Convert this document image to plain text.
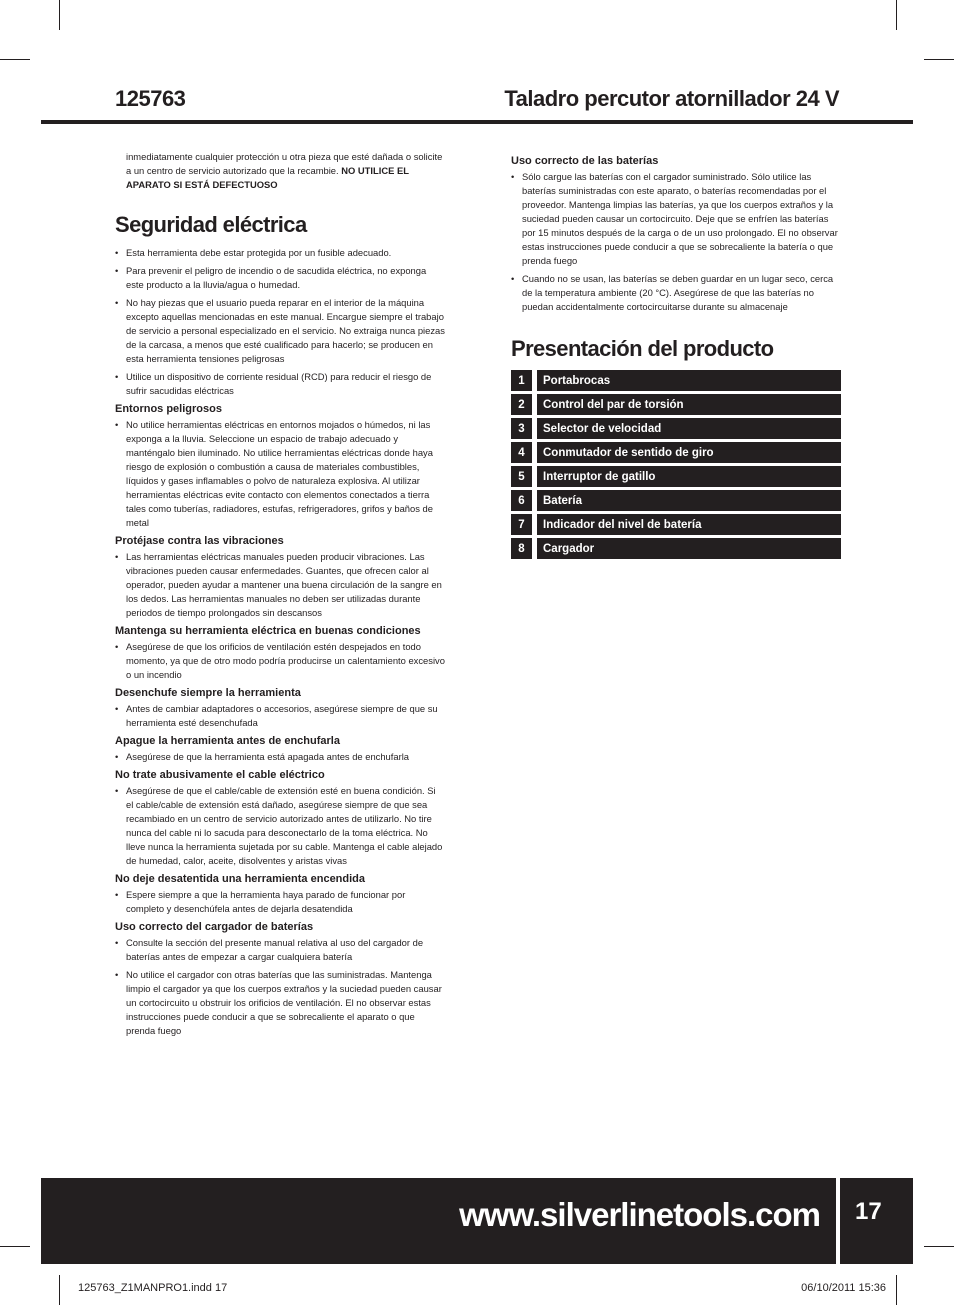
125763	Taladro percutor atornillador 24 V

inmediatamente cualquier protección u otra pieza que esté dañada o solicite a un centro de servicio autorizado que la recambie. NO UTILICE EL APARATO SI ESTÁ DEFECTUOSO

Seguridad eléctrica
• Esta herramienta debe estar protegida por un fusible adecuado.
• Para prevenir el peligro de incendio o de sacudida eléctrica, no exponga este producto a la lluvia/agua o humedad.
• No hay piezas que el usuario pueda reparar en el interior de la máquina excepto aquellas mencionadas en este manual. Encargue siempre el trabajo de servicio a personal especializado en el servicio. No extraiga nunca piezas de la carcasa, a menos que esté cualificado para hacerlo; se producen en esta herramienta tensiones peligrosas
• Utilice un dispositivo de corriente residual (RCD) para reducir el riesgo de sufrir sacudidas eléctricas
Entornos peligrosos
• No utilice herramientas eléctricas en entornos mojados o húmedos, ni las exponga a la lluvia. Seleccione un espacio de trabajo adecuado y manténgalo bien iluminado. No utilice herramientas eléctricas donde haya riesgo de explosión o combustión a causa de materiales combustibles, líquidos y gases inflamables o polvo de naturaleza explosiva. Al utilizar herramientas eléctricas evite contacto con elementos conectados a tierra tales como tuberías, radiadores, estufas, refrigeradores, grifos y baños de metal
Protéjase contra las vibraciones
• Las herramientas eléctricas manuales pueden producir vibraciones. Las vibraciones pueden causar enfermedades. Guantes, que ofrecen calor al operador, pueden ayudar a mantener una buena circulación de la sangre en los dedos. Las herramientas manuales no deben ser utilizadas durante periodos de tiempo prolongados sin descansos
Mantenga su herramienta eléctrica en buenas condiciones
• Asegúrese de que los orificios de ventilación estén despejados en todo momento, ya que de otro modo podría producirse un calentamiento excesivo o un incendio
Desenchufe siempre la herramienta
• Antes de cambiar adaptadores o accesorios, asegúrese siempre de que su herramienta esté desenchufada
Apague la herramienta antes de enchufarla
• Asegúrese de que la herramienta está apagada antes de enchufarla
No trate abusivamente el cable eléctrico
• Asegúrese de que el cable/cable de extensión esté en buena condición. Si el cable/cable de extensión está dañado, asegúrese siempre de que sea recambiado en un centro de servicio autorizado antes de utilizarlo. No tire nunca del cable ni lo sacuda para desconectarlo de la toma eléctrica. No lleve nunca la herramienta sujetada por su cable. Mantenga el cable alejado de humedad, calor, aceite, disolventes y aristas vivas
No deje desatentida una herramienta encendida
• Espere siempre a que la herramienta haya parado de funcionar por completo y desenchúfela antes de dejarla desatendida
Uso correcto del cargador de baterías
• Consulte la sección del presente manual relativa al uso del cargador de baterías antes de empezar a cargar cualquiera batería
• No utilice el cargador con otras baterías que las suministradas. Mantenga limpio el cargador ya que los cuerpos extraños y la suciedad pueden causar un cortocircuito u obstruir los orificios de ventilación. El no observar estas instrucciones puede conducir a que se sobrecaliente el aparato o que prenda fuego
Uso correcto de las baterías
• Sólo cargue las baterías con el cargador suministrado. Sólo utilice las baterías suministradas con este aparato, o baterías recomendadas por el proveedor. Mantenga limpias las baterías, ya que los cuerpos extraños y la suciedad pueden causar un cortocircuito. Deje que se enfríen las baterías por 15 minutos después de la carga o de un uso prolongado. El no observar estas instrucciones puede conducir a que se sobrecaliente la batería o que prenda fuego
• Cuando no se usan, las baterías se deben guardar en un lugar seco, cerca de la temperatura ambiente (20 °C). Asegúrese de que las baterías no puedan accidentalmente cortocircuitarse durante su almacenaje
Presentación del producto
1	Portabrocas
2	Control del par de torsión
3	Selector de velocidad
4	Conmutador de sentido de giro
5	Interruptor de gatillo
6	Batería
7	Indicador del nivel de batería
8	Cargador
www.silverlinetools.com 17
125763_Z1MANPRO1.indd 17	06/10/2011 15:36
